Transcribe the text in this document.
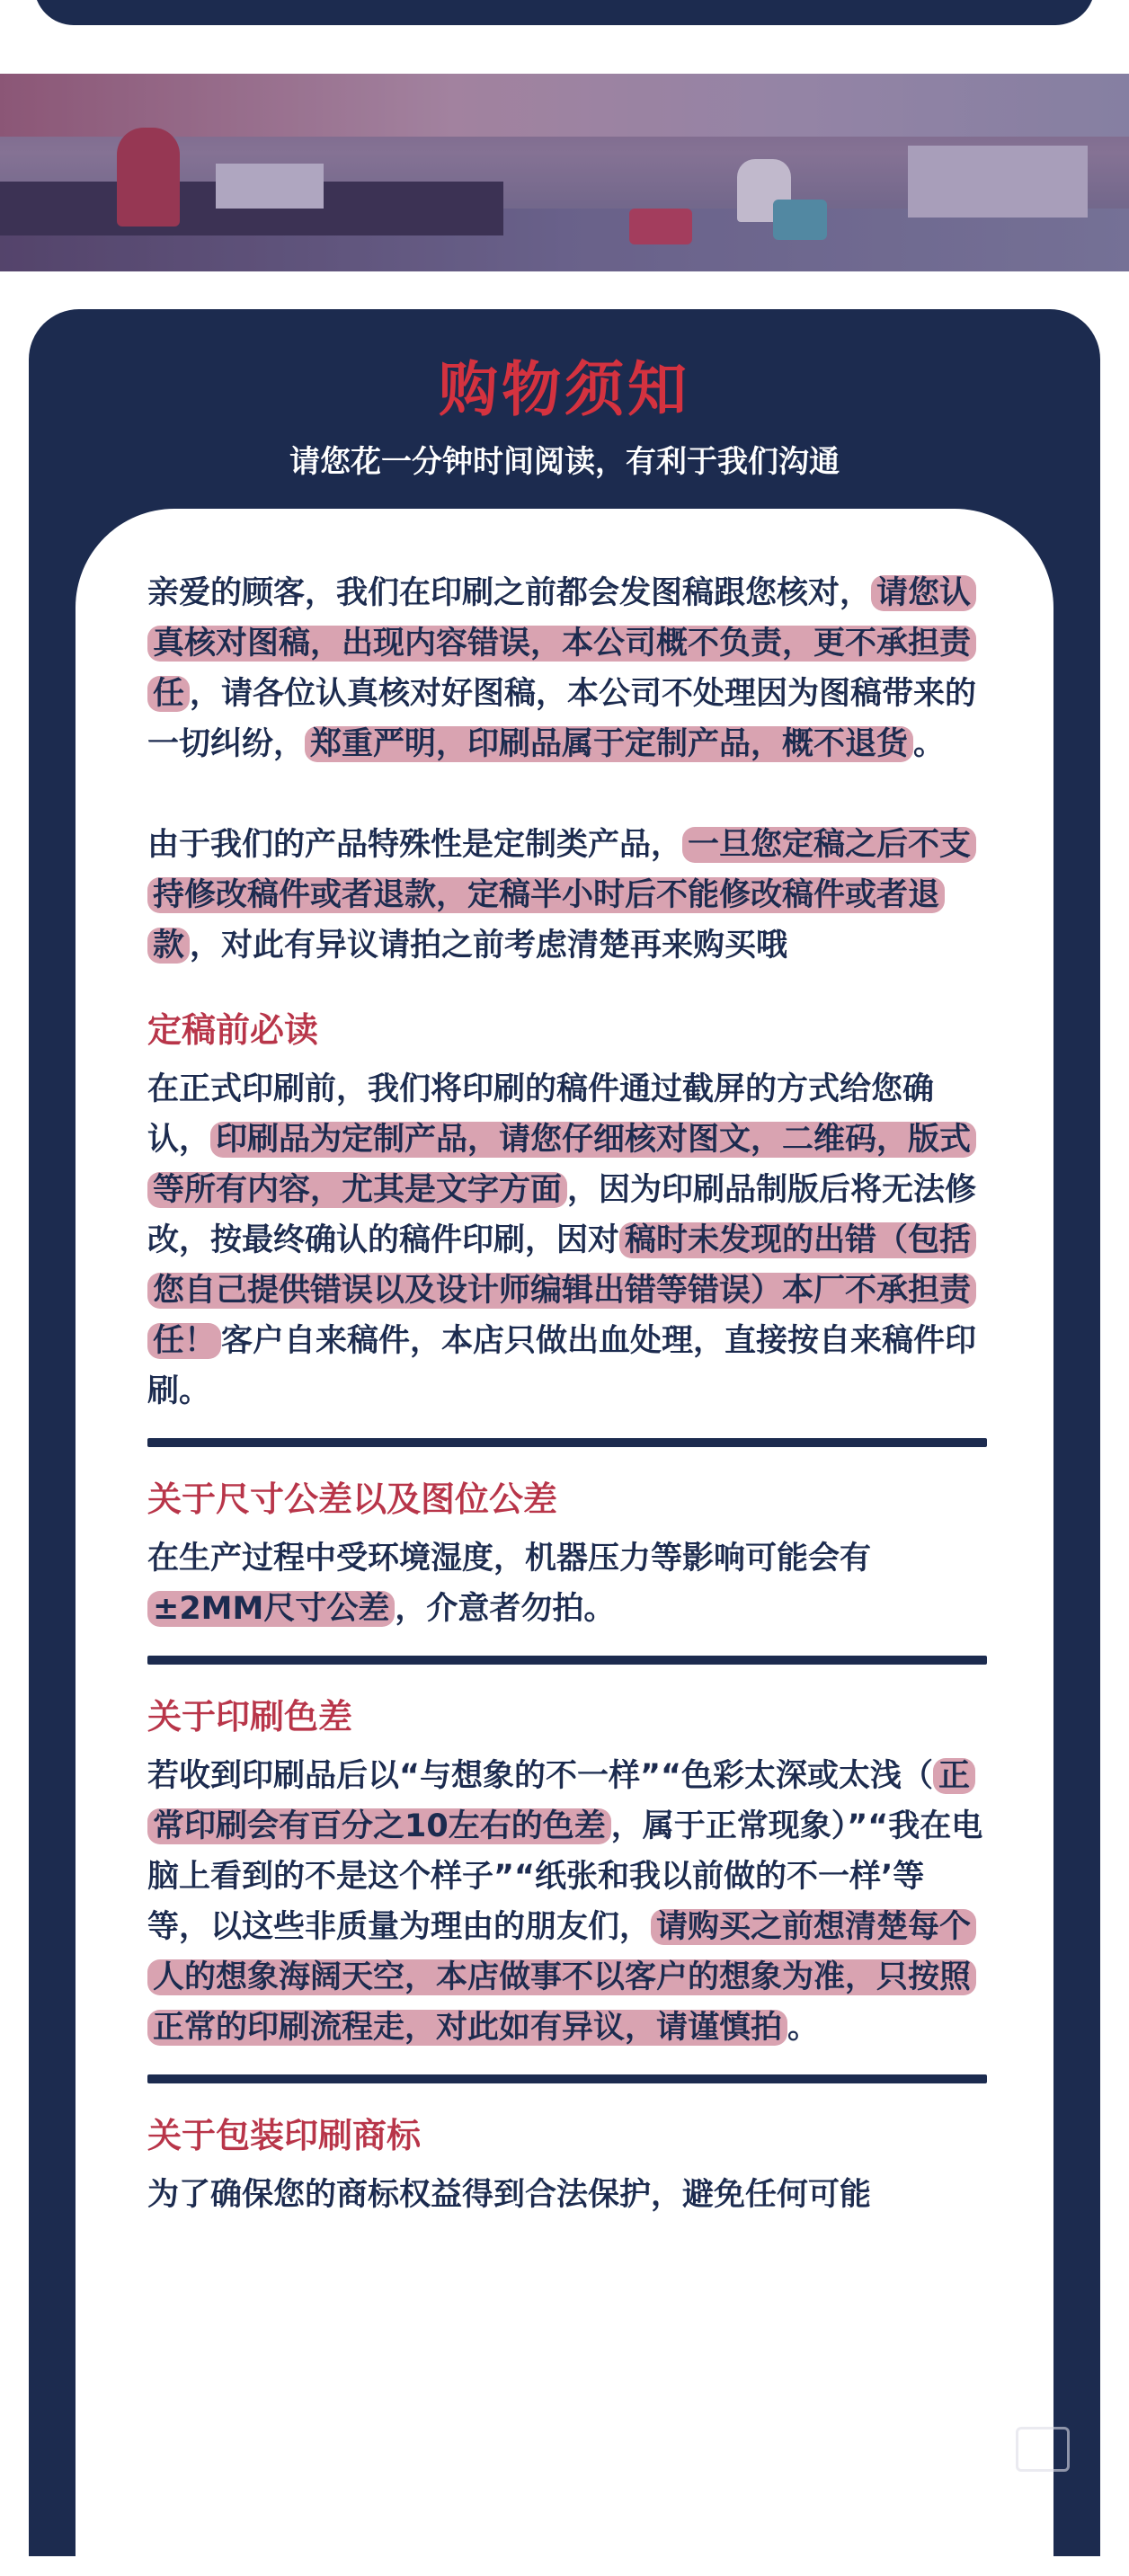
购物须知

请您花一分钟时间阅读，有利于我们沟通

亲爱的顾客，我们在印刷之前都会发图稿跟您核对， 请您认真核对图稿，出现内容错误，本公司概不负责，更不承担责任 ，请各位认真核对好图稿，本公司不处理因为图稿带来的一切纠纷， 郑重严明，印刷品属于定制产品，概不退货 。

由于我们的产品特殊性是定制类产品， 一旦您定稿之后不支持修改稿件或者退款，定稿半小时后不能修改稿件或者退款 ，对此有异议请拍之前考虑清楚再来购买哦

定稿前必读

在正式印刷前，我们将印刷的稿件通过截屏的方式给您确认， 印刷品为定制产品，请您仔细核对图文，二维码，版式等所有内容，尤其是文字方面 ，因为印刷品制版后将无法修改，按最终确认的稿件印刷，因对 稿时未发现的出错（包括您自己提供错误以及设计师编辑出错等错误）本厂不承担责任！ 客户自来稿件，本店只做出血处理，直接按自来稿件印刷。

关于尺寸公差以及图位公差

在生产过程中受环境湿度，机器压力等影响可能会有±2MM尺寸公差 ，介意者勿拍。

关于印刷色差

若收到印刷品后以“与想象的不一样”“色彩太深或太浅（ 正常印刷会有百分之10左右的色差 ，属于正常现象）”“我在电脑上看到的不是这个样子”“纸张和我以前做的不一样’等等，以这些非质量为理由的朋友们， 请购买之前想清楚每个人的想象海阔天空，本店做事不以客户的想象为准，只按照正常的印刷流程走，对此如有异议，请谨慎拍 。

关于包装印刷商标

为了确保您的商标权益得到合法保护，避免任何可能
